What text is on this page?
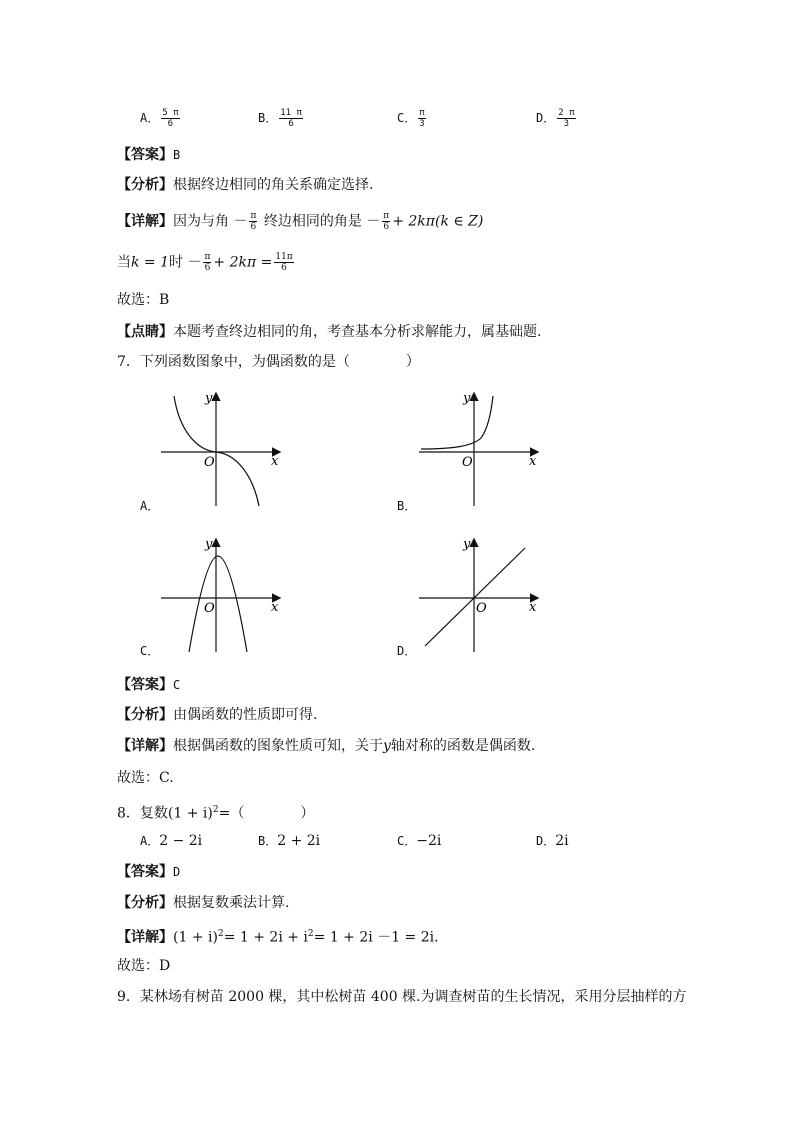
A． $\frac{5 \pi}{6}$	B． $\frac{11 \pi}{6}$	C． $\frac{\pi}{3}$	D． $\frac{2 \pi}{3}$
【答案】B
【分析】根据终边相同的角关系确定选择.
【详解】因为与角 － $\frac{\pi}{6}$ 终边相同的角是 － $\frac{\pi}{6} + 2k\pi(k$ ∈ Z)
当k = 1时 － $\frac{\pi}{6} + 2k\pi = \frac{11\pi}{6}$
故选：B
【点睛】本题考查终边相同的角，考查基本分析求解能力，属基础题.
7．下列函数图象中，为偶函数的是（　　　　）
y
x
O
A．
y
x
O
B．
y
x
O
C．
y
x
O
D．
【答案】C
【分析】由偶函数的性质即可得.
【详解】根据偶函数的图象性质可知，关于y轴对称的函数是偶函数.
故选：C.
8．复数$(1 + i)^2=$（　　　　）
A．2 − 2i	B．2 + 2i	C．−2i	D．2i
【答案】D
【分析】根据复数乘法计算.
【详解】$(1 + i)^2= 1 + 2i + i^2= 1 + 2i -1 = 2i$.
故选：D
9．某林场有树苗 2000 棵，其中松树苗 400 棵.为调查树苗的生长情况，采用分层抽样的方
